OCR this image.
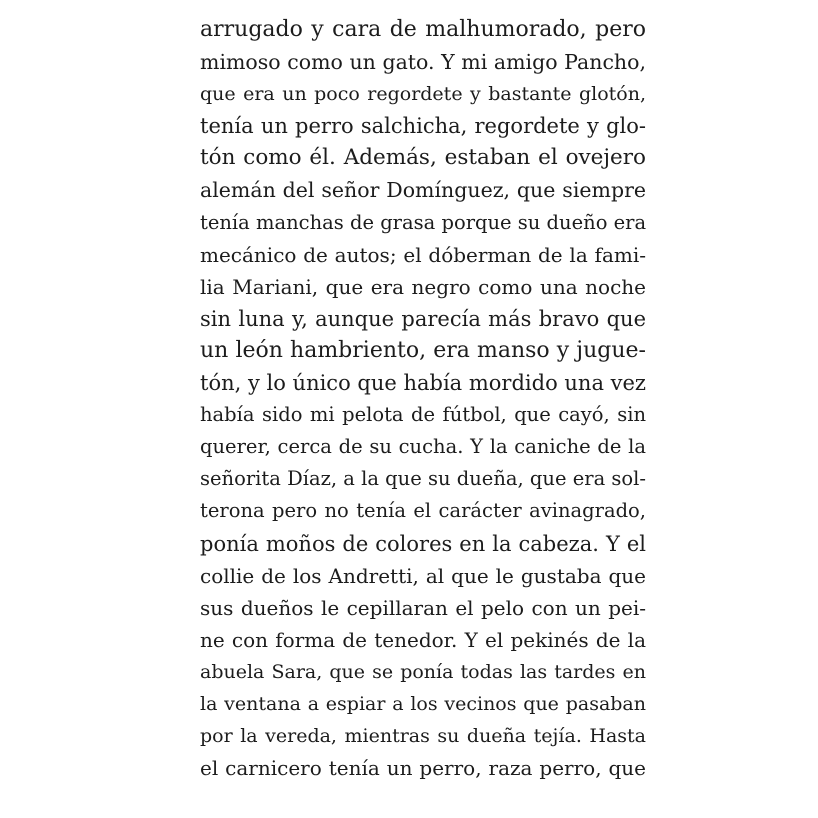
arrugado y cara de malhumorado, pero
mimoso como un gato. Y mi amigo Pancho,
que era un poco regordete y bastante glotón,
tenía un perro salchicha, regordete y glo-
tón como él. Además, estaban el ovejero
alemán del señor Domínguez, que siempre
tenía manchas de grasa porque su dueño era
mecánico de autos; el dóberman de la fami-
lia Mariani, que era negro como una noche
sin luna y, aunque parecía más bravo que
un león hambriento, era manso y jugue-
tón, y lo único que había mordido una vez
había sido mi pelota de fútbol, que cayó, sin
querer, cerca de su cucha. Y la caniche de la
señorita Díaz, a la que su dueña, que era sol-
terona pero no tenía el carácter avinagrado,
ponía moños de colores en la cabeza. Y el
collie de los Andretti, al que le gustaba que
sus dueños le cepillaran el pelo con un pei-
ne con forma de tenedor. Y el pekinés de la
abuela Sara, que se ponía todas las tardes en
la ventana a espiar a los vecinos que pasaban
por la vereda, mientras su dueña tejía. Hasta
el carnicero tenía un perro, raza perro, que
